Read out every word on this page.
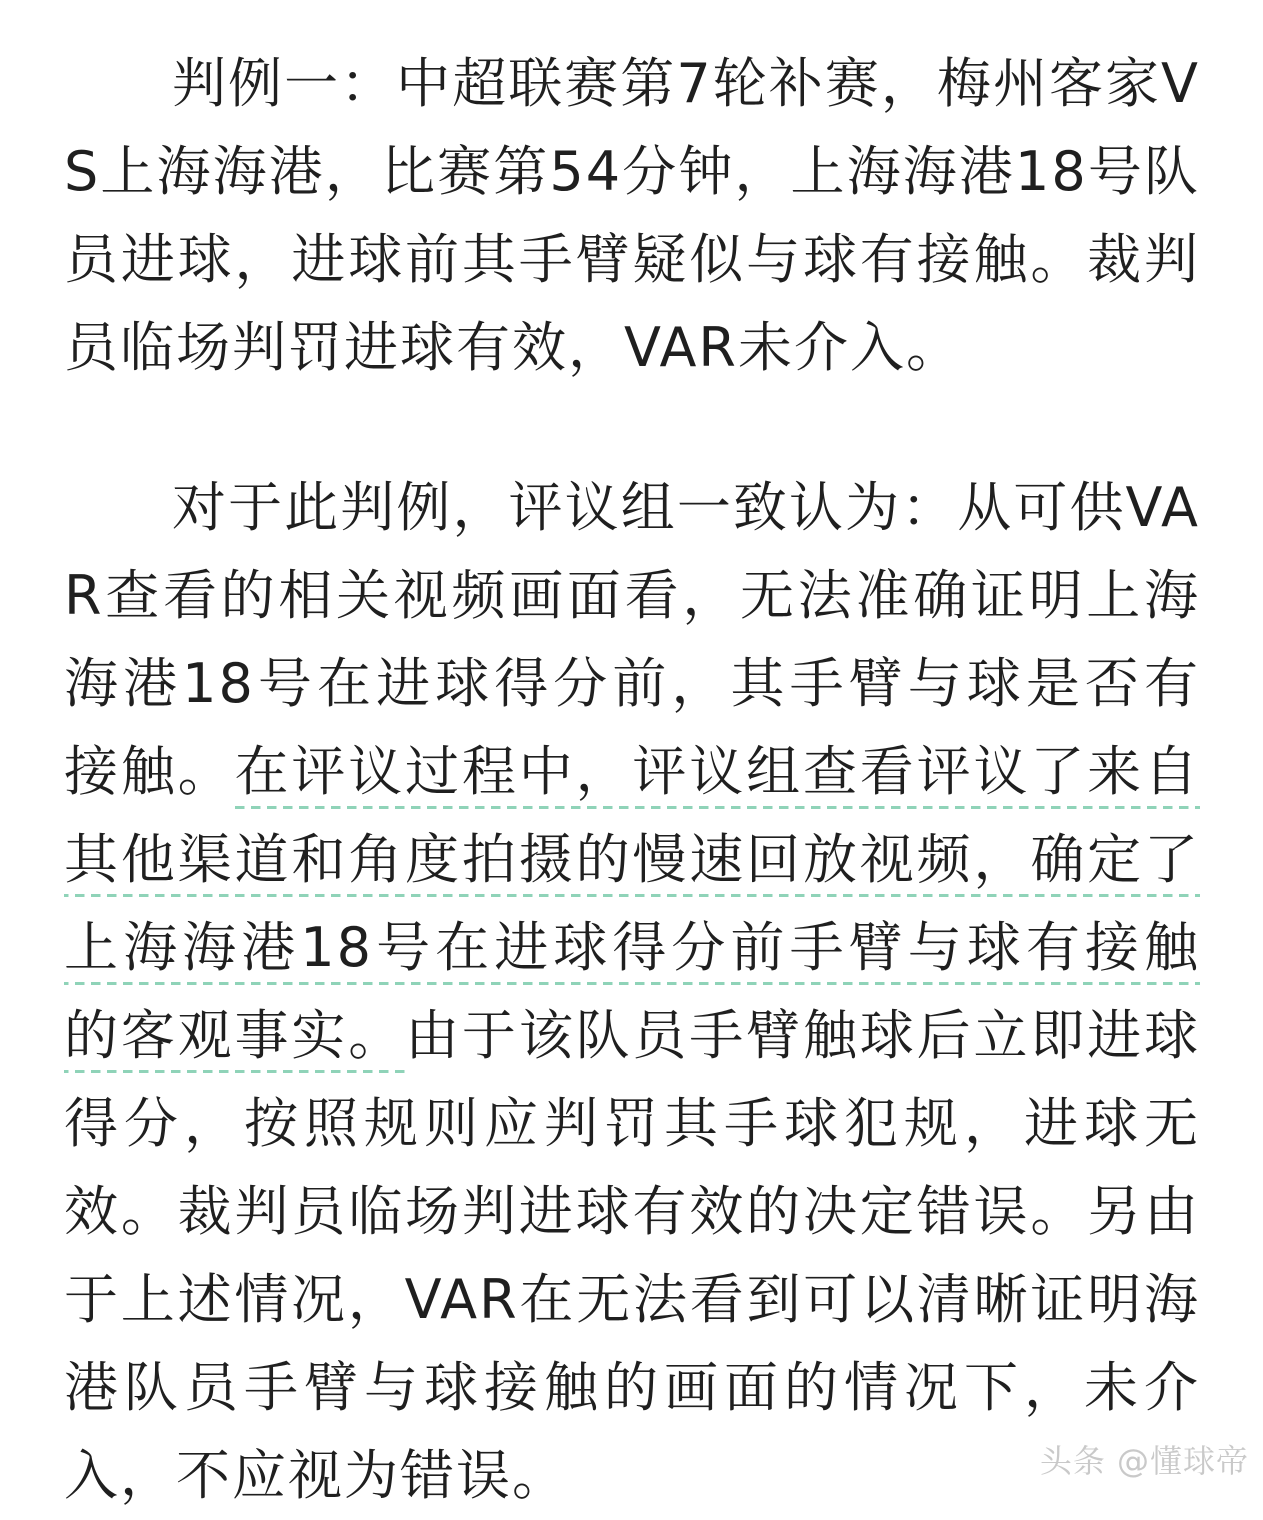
判例一：中超联赛第7轮补赛，梅州客家VS上海海港，比赛第54分钟，上海海港18号队员进球，进球前其手臂疑似与球有接触。裁判员临场判罚进球有效，VAR未介入。

对于此判例，评议组一致认为：从可供VAR查看的相关视频画面看，无法准确证明上海海港18号在进球得分前，其手臂与球是否有接触。在评议过程中，评议组查看评议了来自其他渠道和角度拍摄的慢速回放视频，确定了上海海港18号在进球得分前手臂与球有接触的客观事实。由于该队员手臂触球后立即进球得分，按照规则应判罚其手球犯规，进球无效。裁判员临场判进球有效的决定错误。另由于上述情况，VAR在无法看到可以清晰证明海港队员手臂与球接触的画面的情况下，未介入，不应视为错误。	头条 @懂球帝
